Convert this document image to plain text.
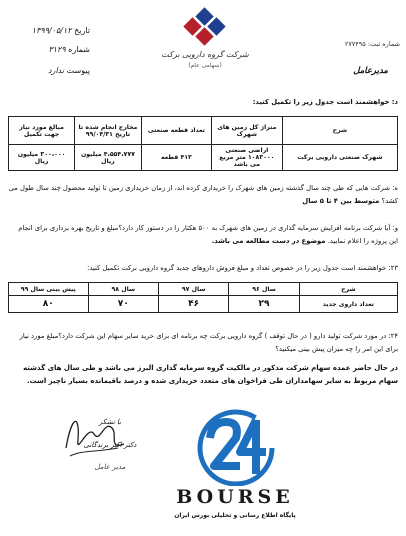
تاریخ ۱۳۹۹/۰۵/۱۲
شماره ۳۱۲۹
پیوست ندارد
شرکت گروه دارویی برکت
(سهامی عام)
شماره ثبت: ۲۷۷۴۹۵
مدیرعامل
د: خواهشمند است جدول زیر را تکمیل کنید:
شرح	متراژ کل زمین های شهرک	تعداد قطعه صنعتی	مخارج انجام شده تا تاریخ ۹۹/۰۴/۳۱	مبالغ مورد نیاز جهت تکمیل
شهرک صنعتی دارویی برکت	اراضی صنعتی ۱۰۸۳۰۰۰ متر مربع می باشد	۴۱۳ قطعه	۴،۵۵۴،۷۷۷ میلیون ریال	۳۰۰،۰۰۰ میلیون ریال
ه: شرکت هایی که طی چند سال گذشته زمین های شهرک را خریداری کرده اند، از زمان خریداری زمین تا تولید محصول چند سال طول می کشد؟ متوسط بین ۴ تا ۵ سال
و: آیا شرکت برنامه افزایش سرمایه گذاری در زمین های شهرک به ۵۰۰ هکتار را در دستور کار دارد؟مبلغ و تاریخ بهره برداری برای انجام این پروژه را اعلام نمایید. موضوع در دست مطالعه می باشد.
۲۳: خواهشمند است جدول زیر را در خصوص تعداد و مبلغ فروش داروهای جدید گروه دارویی برکت تکمیل کنید:
شرح	سال ۹۶	سال ۹۷	سال ۹۸	پیش بینی سال ۹۹
تعداد داروی جدید	۲۹	۴۶	۷۰	۸۰
۲۴: در مورد شرکت تولید دارو ( در حال توقف ) گروه دارویی برکت چه برنامه ای برای خرید سایر سهام این شرکت دارد؟مبلغ مورد نیاز برای این امر را چه میزان پیش بینی میکنید؟
در حال حاضر عمده سهام شرکت مذکور در مالکیت گروه سرمایه گذاری البرز می باشد و طی سال های گذشته سهام مربوط به سایر سهامداران طی فراخوان های متعدد خریداری شده و درصد باقیمانده بسیار ناچیز است.
با تشکر
دکتر اکبر برندگانی
مدیر عامل
BOURSE
پایگاه اطلاع رسانی و تحلیلی بورس ایران
